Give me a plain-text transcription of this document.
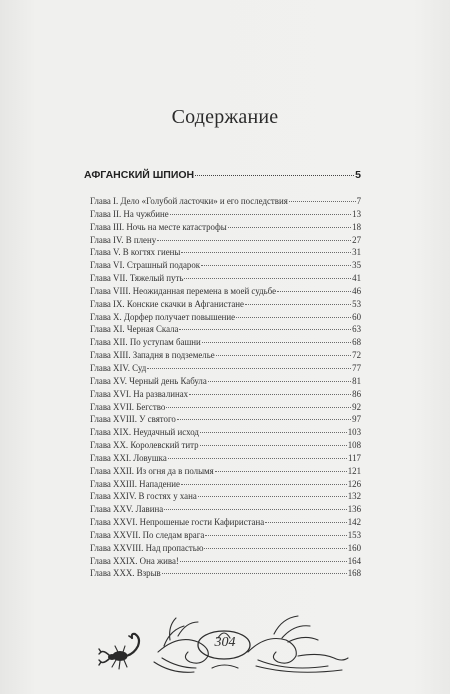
Содержание
АФГАНСКИЙ ШПИОН	5
Глава I. Дело «Голубой ласточки» и его последствия	7
Глава II. На чужбине	13
Глава III. Ночь на месте катастрофы	18
Глава IV. В плену	27
Глава V. В когтях гиены	31
Глава VI. Страшный подарок	35
Глава VII. Тяжелый путь	41
Глава VIII. Неожиданная перемена в моей судьбе	46
Глава IX. Конские скачки в Афганистане	53
Глава X. Дорфер получает повышение	60
Глава XI. Черная Скала	63
Глава XII. По уступам башни	68
Глава XIII. Западня в подземелье	72
Глава XIV. Суд	77
Глава XV. Черный день Кабула	81
Глава XVI. На развалинах	86
Глава XVII. Бегство	92
Глава XVIII. У святого	97
Глава XIX. Неудачный исход	103
Глава XX. Королевский титр	108
Глава XXI. Ловушка	117
Глава XXII. Из огня да в полымя	121
Глава XXIII. Нападение	126
Глава XXIV. В гостях у хана	132
Глава XXV. Лавина	136
Глава XXVI. Непрошеные гости Кафиристана	142
Глава XXVII. По следам врага	153
Глава XXVIII. Над пропастью	160
Глава XXIX. Она жива!	164
Глава XXX. Взрыв	168
304
